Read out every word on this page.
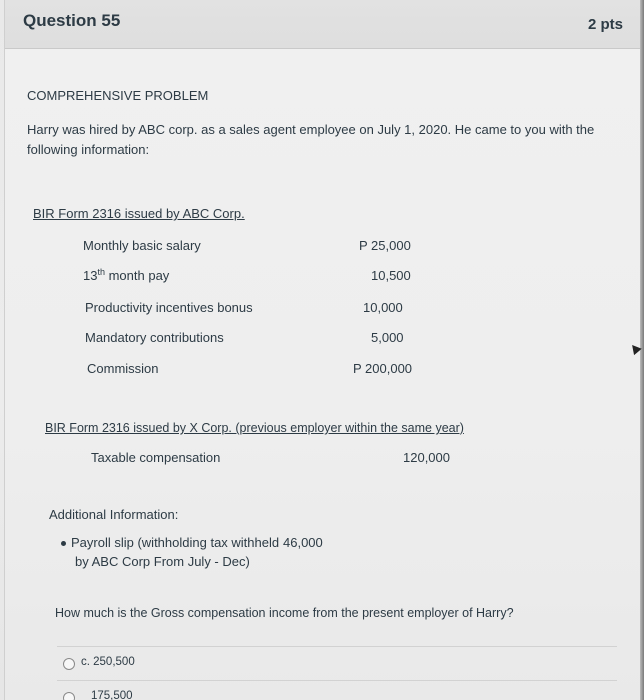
Question 55	2 pts
COMPREHENSIVE PROBLEM
Harry was hired by ABC corp. as a sales agent employee on July 1, 2020. He came to you with the
following information:
BIR Form 2316 issued by ABC Corp.
Monthly basic salary	P 25,000
13th month pay	10,500
Productivity incentives bonus	10,000
Mandatory contributions	5,000
Commission	P 200,000
BIR Form 2316 issued by X Corp. (previous employer within the same year)
Taxable compensation	120,000
Additional Information:
Payroll slip (withholding tax withheld 46,000
by ABC Corp From July - Dec)
How much is the Gross compensation income from the present employer of Harry?
c. 250,500
175,500
